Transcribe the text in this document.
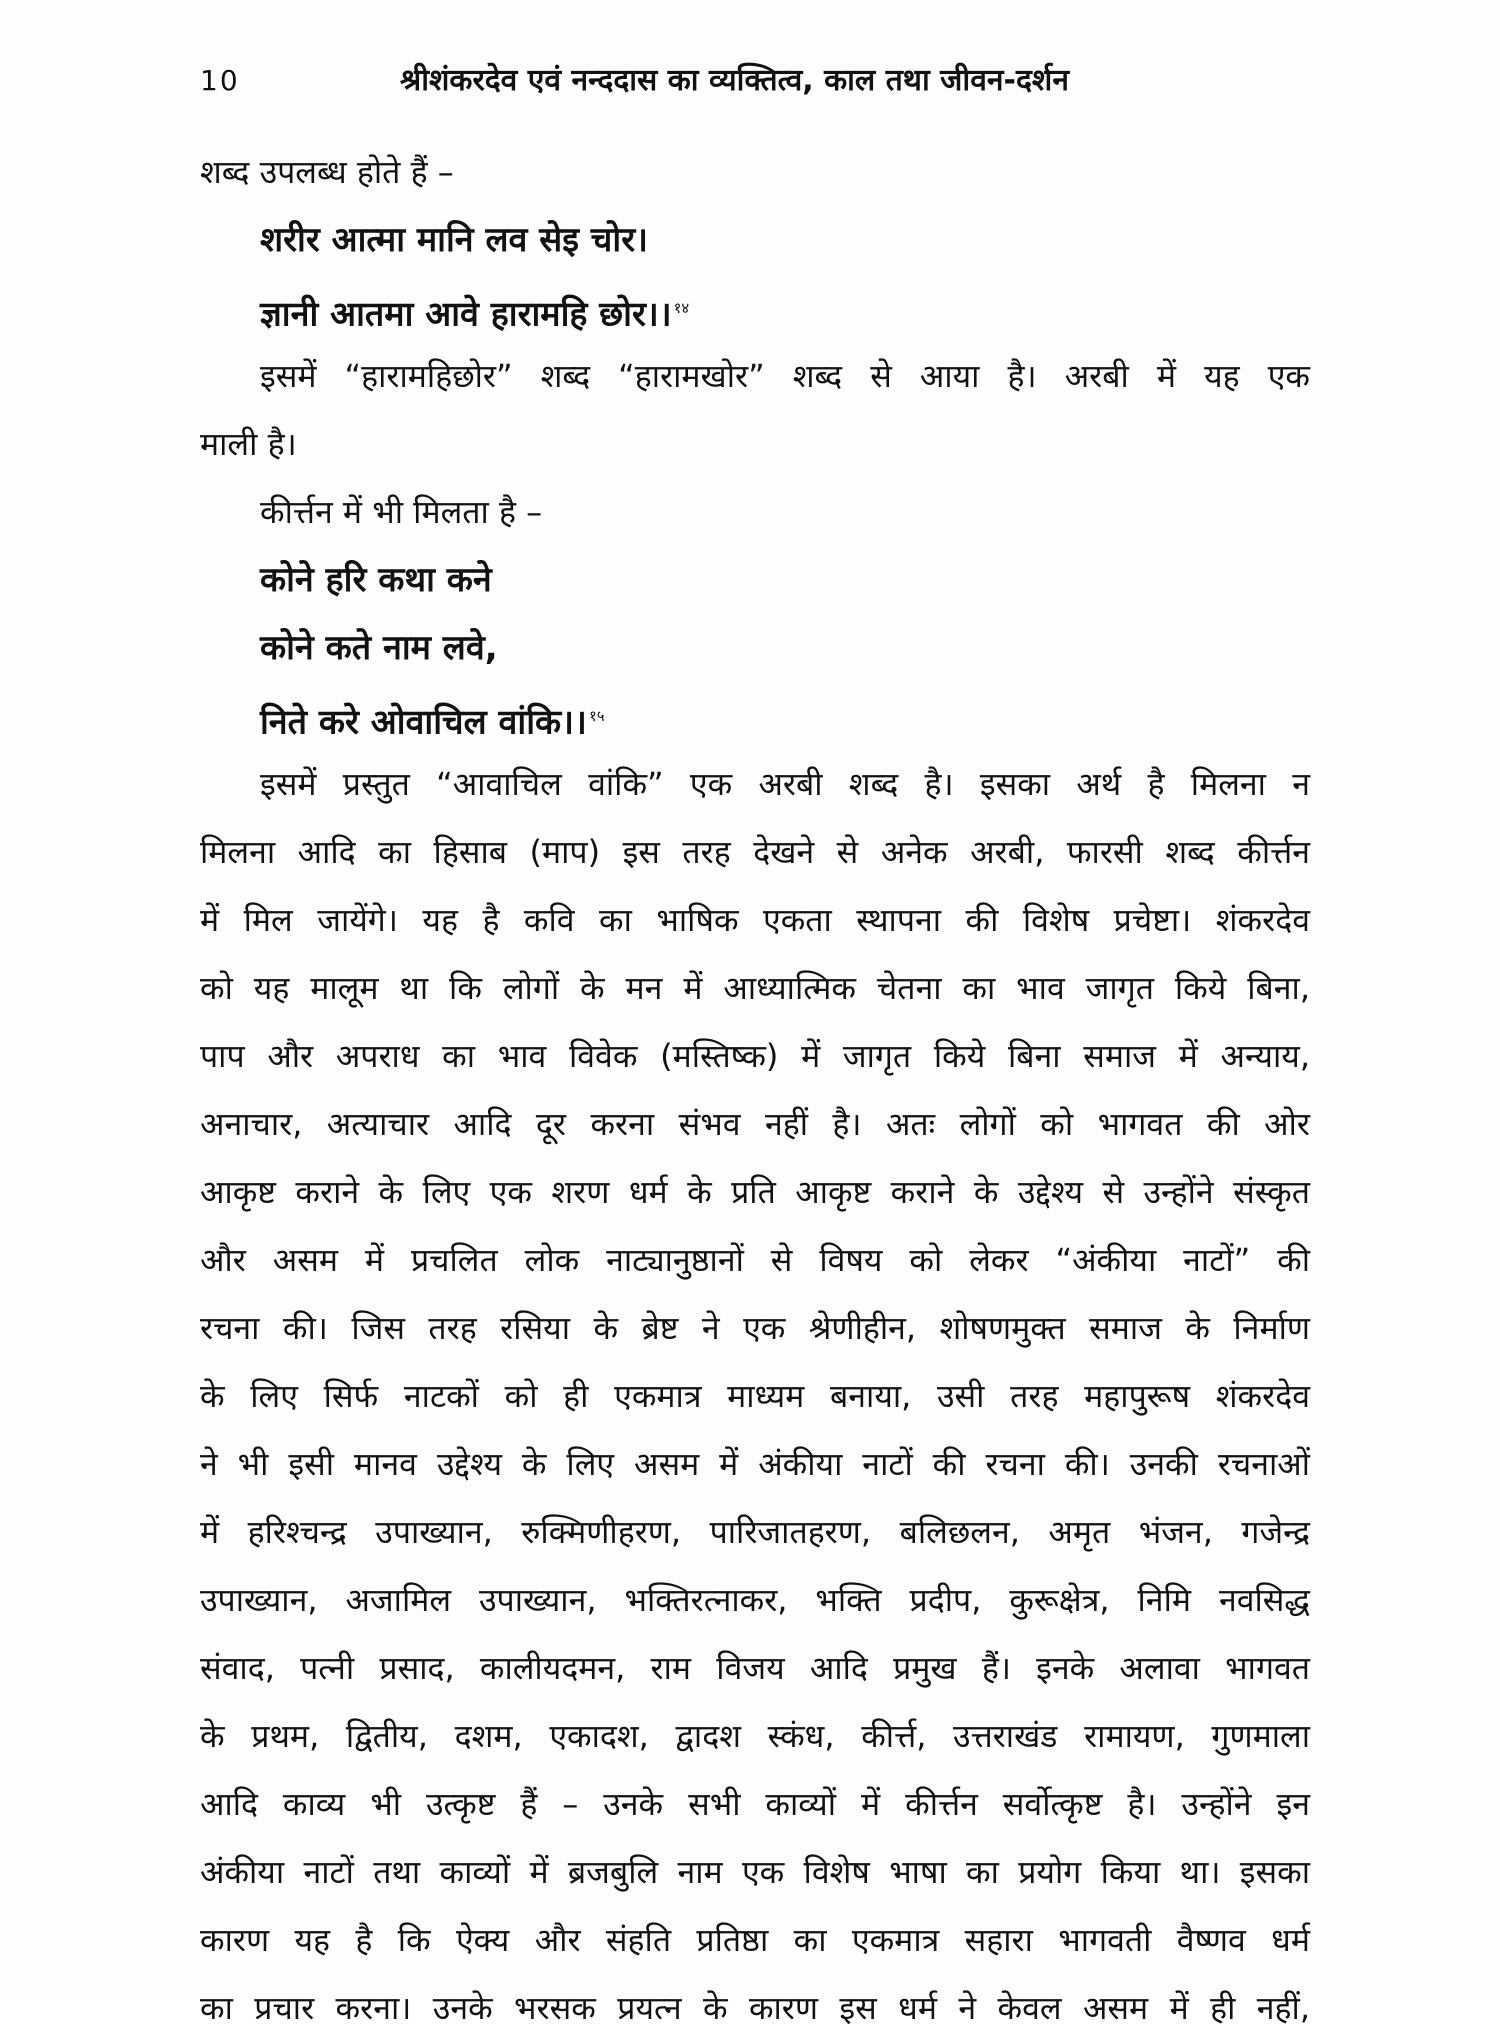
10	श्रीशंकरदेव एवं नन्ददास का व्यक्तित्व, काल तथा जीवन-दर्शन
शब्द उपलब्ध होते हैं –
शरीर आत्मा मानि लव सेइ चोर।
ज्ञानी आतमा आवे हारामहि छोर।। $^{१४}$
इसमें “हारामहिछोर” शब्द “हारामखोर” शब्द से आया है। अरबी में यह एक
माली है।
कीर्त्तन में भी मिलता है –
कोने हरि कथा कने
कोने कते नाम लवे,
निते करे ओवाचिल वांकि।। $^{१५}$
इसमें प्रस्तुत “आवाचिल वांकि” एक अरबी शब्द है। इसका अर्थ है मिलना न
मिलना आदि का हिसाब (माप) इस तरह देखने से अनेक अरबी, फारसी शब्द कीर्त्तन
में मिल जायेंगे। यह है कवि का भाषिक एकता स्थापना की विशेष प्रचेष्टा। शंकरदेव
को यह मालूम था कि लोगों के मन में आध्यात्मिक चेतना का भाव जागृत किये बिना,
पाप और अपराध का भाव विवेक (मस्तिष्क) में जागृत किये बिना समाज में अन्याय,
अनाचार, अत्याचार आदि दूर करना संभव नहीं है। अतः लोगों को भागवत की ओर
आकृष्ट कराने के लिए एक शरण धर्म के प्रति आकृष्ट कराने के उद्देश्य से उन्होंने संस्कृत
और असम में प्रचलित लोक नाट्यानुष्ठानों से विषय को लेकर “अंकीया नाटों” की
रचना की। जिस तरह रसिया के ब्रेष्ट ने एक श्रेणीहीन, शोषणमुक्त समाज के निर्माण
के लिए सिर्फ नाटकों को ही एकमात्र माध्यम बनाया, उसी तरह महापुरूष शंकरदेव
ने भी इसी मानव उद्देश्य के लिए असम में अंकीया नाटों की रचना की। उनकी रचनाओं
में हरिश्चन्द्र उपाख्यान, रुक्मिणीहरण, पारिजातहरण, बलिछलन, अमृत भंजन, गजेन्द्र
उपाख्यान, अजामिल उपाख्यान, भक्तिरत्नाकर, भक्ति प्रदीप, कुरूक्षेत्र, निमि नवसिद्ध
संवाद, पत्नी प्रसाद, कालीयदमन, राम विजय आदि प्रमुख हैं। इनके अलावा भागवत
के प्रथम, द्वितीय, दशम, एकादश, द्वादश स्कंध, कीर्त्त, उत्तराखंड रामायण, गुणमाला
आदि काव्य भी उत्कृष्ट हैं – उनके सभी काव्यों में कीर्त्तन सर्वोत्कृष्ट है। उन्होंने इन
अंकीया नाटों तथा काव्यों में ब्रजबुलि नाम एक विशेष भाषा का प्रयोग किया था। इसका
कारण यह है कि ऐक्य और संहति प्रतिष्ठा का एकमात्र सहारा भागवती वैष्णव धर्म
का प्रचार करना। उनके भरसक प्रयत्न के कारण इस धर्म ने केवल असम में ही नहीं,
